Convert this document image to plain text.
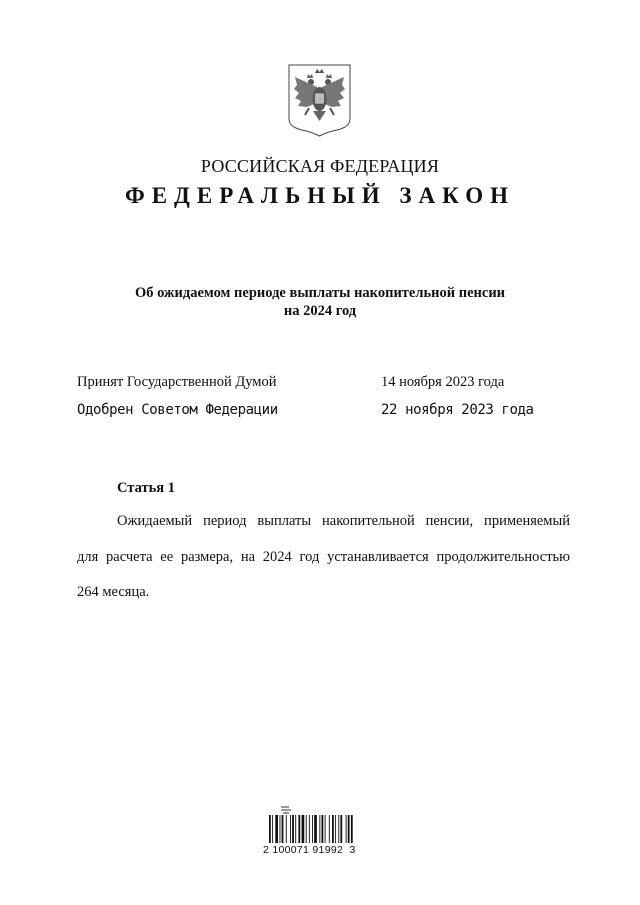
РОССИЙСКАЯ ФЕДЕРАЦИЯ
ФЕДЕРАЛЬНЫЙ ЗАКОН
Об ожидаемом периоде выплаты накопительной пенсии
на 2024 год
Принят Государственной Думой	14 ноября 2023 года
Одобрен Советом Федерации	22 ноября 2023 года
Статья 1
Ожидаемый период выплаты накопительной пенсии, применяемый
для расчета ее размера, на 2024 год устанавливается продолжительностью
264 месяца.
2 100071 91992  3
